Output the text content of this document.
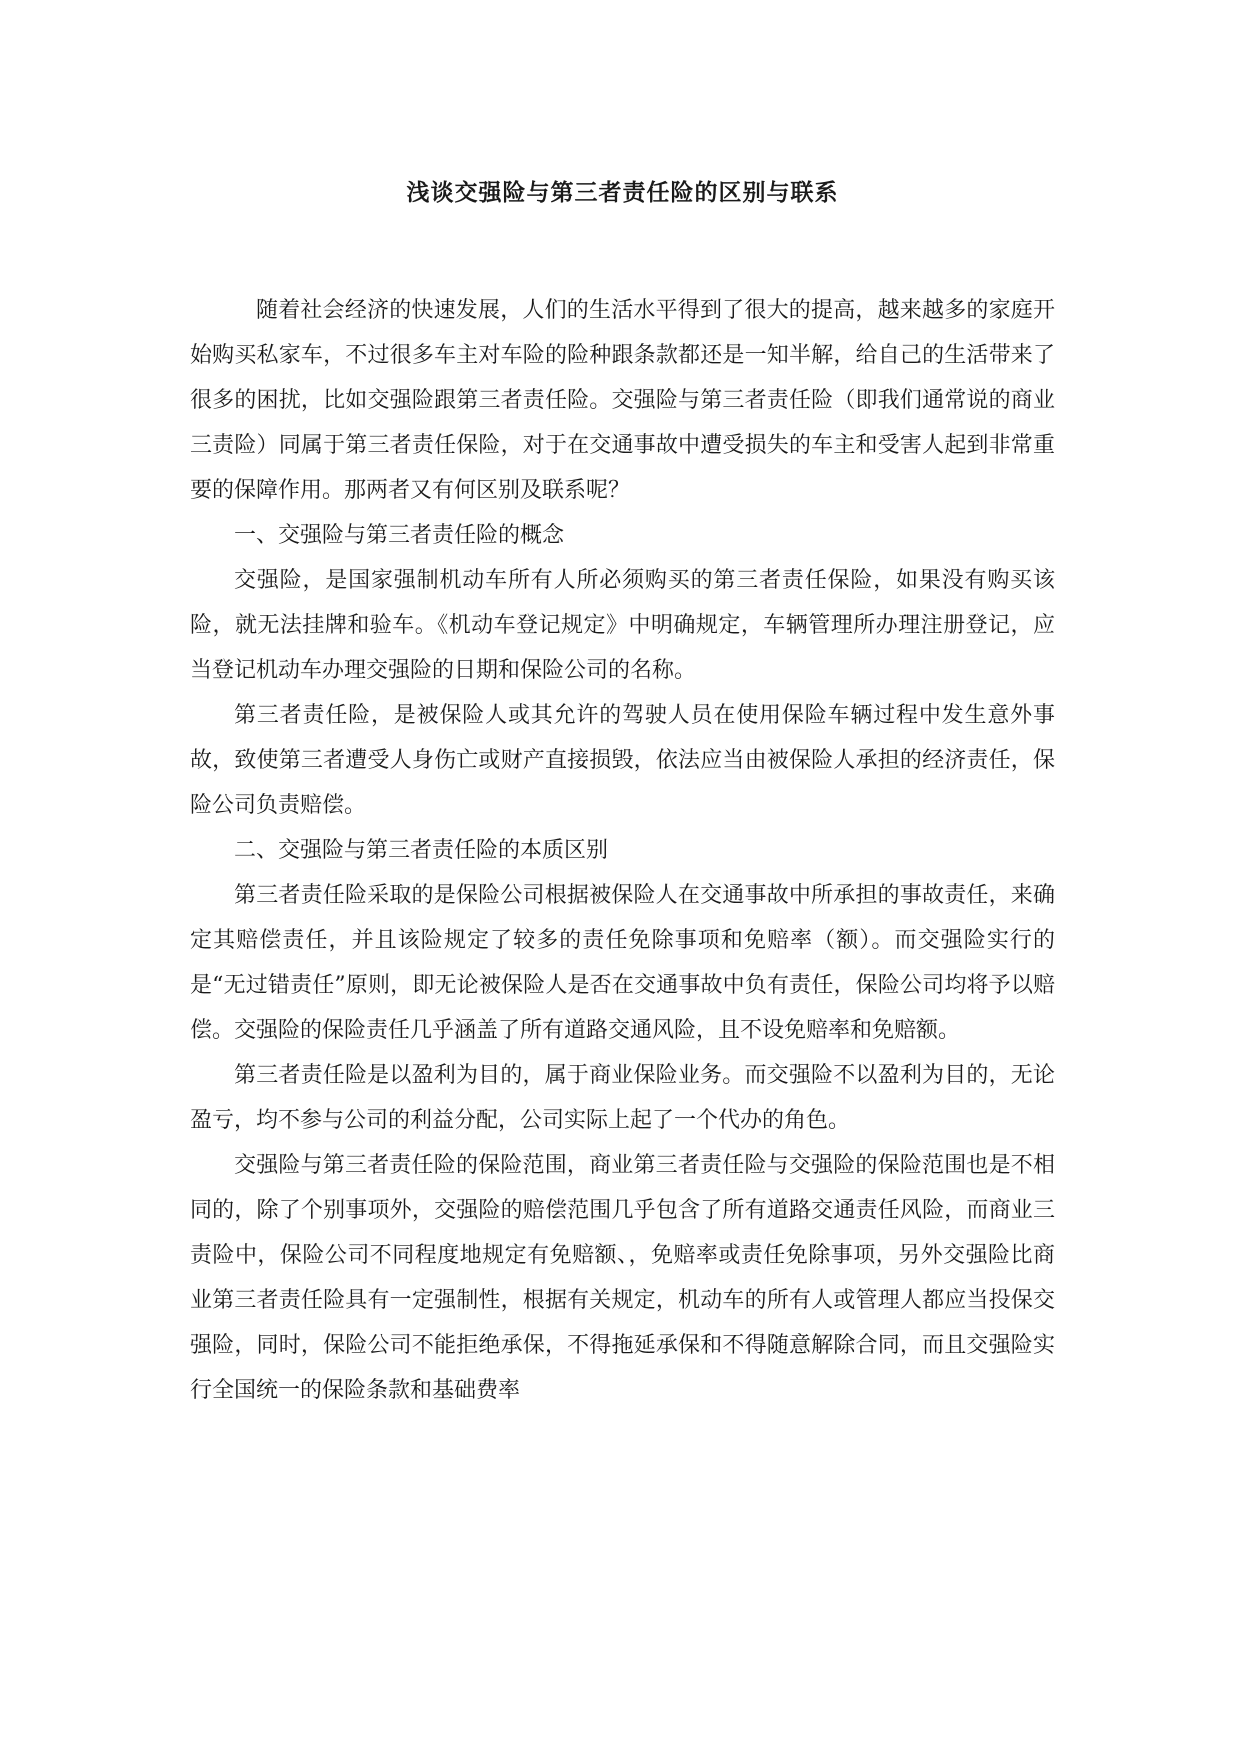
浅谈交强险与第三者责任险的区别与联系

随着社会经济的快速发展，人们的生活水平得到了很大的提高，越来越多的家庭开始购买私家车，不过很多车主对车险的险种跟条款都还是一知半解，给自己的生活带来了很多的困扰，比如交强险跟第三者责任险。交强险与第三者责任险（即我们通常说的商业三责险）同属于第三者责任保险，对于在交通事故中遭受损失的车主和受害人起到非常重要的保障作用。那两者又有何区别及联系呢？

一、交强险与第三者责任险的概念

交强险，是国家强制机动车所有人所必须购买的第三者责任保险，如果没有购买该险，就无法挂牌和验车。《机动车登记规定》中明确规定，车辆管理所办理注册登记，应当登记机动车办理交强险的日期和保险公司的名称。

第三者责任险，是被保险人或其允许的驾驶人员在使用保险车辆过程中发生意外事故，致使第三者遭受人身伤亡或财产直接损毁，依法应当由被保险人承担的经济责任，保险公司负责赔偿。

二、交强险与第三者责任险的本质区别

第三者责任险采取的是保险公司根据被保险人在交通事故中所承担的事故责任，来确定其赔偿责任，并且该险规定了较多的责任免除事项和免赔率（额）。而交强险实行的是“无过错责任”原则，即无论被保险人是否在交通事故中负有责任，保险公司均将予以赔偿。交强险的保险责任几乎涵盖了所有道路交通风险，且不设免赔率和免赔额。

第三者责任险是以盈利为目的，属于商业保险业务。而交强险不以盈利为目的，无论盈亏，均不参与公司的利益分配，公司实际上起了一个代办的角色。

交强险与第三者责任险的保险范围，商业第三者责任险与交强险的保险范围也是不相同的，除了个别事项外，交强险的赔偿范围几乎包含了所有道路交通责任风险，而商业三责险中，保险公司不同程度地规定有免赔额、，免赔率或责任免除事项，另外交强险比商业第三者责任险具有一定强制性，根据有关规定，机动车的所有人或管理人都应当投保交强险，同时，保险公司不能拒绝承保，不得拖延承保和不得随意解除合同，而且交强险实行全国统一的保险条款和基础费率
